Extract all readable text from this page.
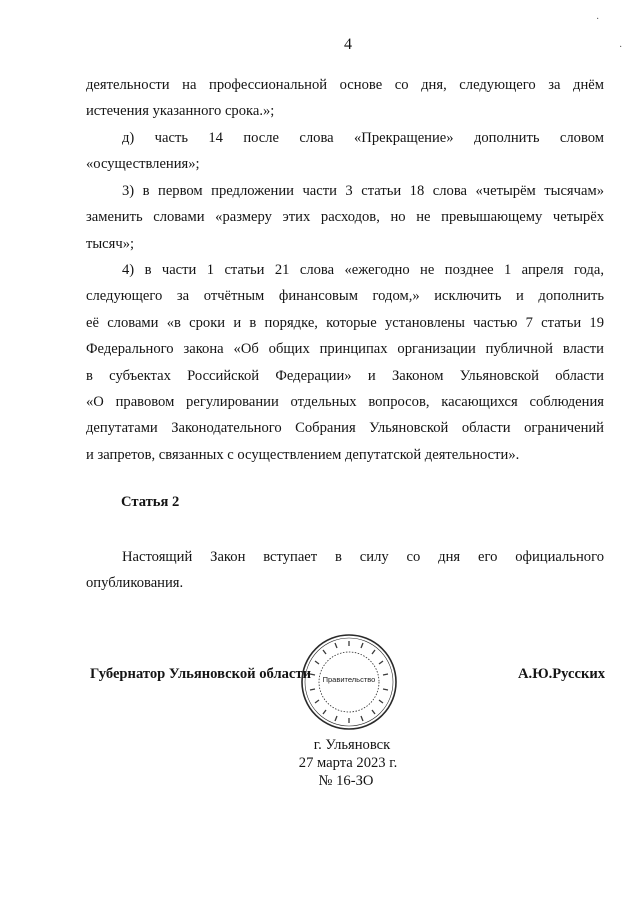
4
деятельности на профессиональной основе со дня, следующего за днём
истечения указанного срока.»;
д) часть 14 после слова «Прекращение» дополнить словом
«осуществления»;
3) в первом предложении части 3 статьи 18 слова «четырём тысячам»
заменить словами «размеру этих расходов, но не превышающему четырёх
тысяч»;
4) в части 1 статьи 21 слова «ежегодно не позднее 1 апреля года,
следующего за отчётным финансовым годом,» исключить и дополнить
её словами «в сроки и в порядке, которые установлены частью 7 статьи 19
Федерального закона «Об общих принципах организации публичной власти
в субъектах Российской Федерации» и Законом Ульяновской области
«О правовом регулировании отдельных вопросов, касающихся соблюдения
депутатами Законодательного Собрания Ульяновской области ограничений
и запретов, связанных с осуществлением депутатской деятельности».
Статья 2
Настоящий Закон вступает в силу со дня его официального
опубликования.
Правительство
Губернатор Ульяновской области	А.Ю.Русских
г. Ульяновск
27 марта 2023 г.
№ 16-ЗО
·
·
